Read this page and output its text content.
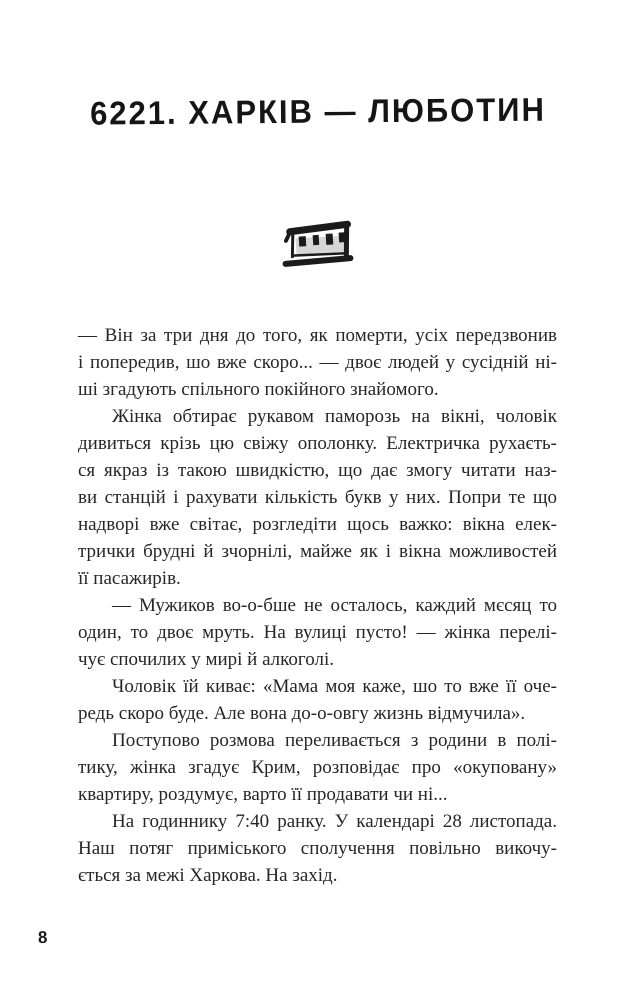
6221. ХАРКІВ — ЛЮБОТИН
— Він за три дня до того, як померти, усіх передзвонив
і попередив, шо вже скоро... — двоє людей у сусідній ні-
ші згадують спільного покійного знайомого.
Жінка обтирає рукавом паморозь на вікні, чоловік
дивиться крізь цю свіжу ополонку. Електричка рухаєть-
ся якраз із такою швидкістю, що дає змогу читати наз-
ви станцій і рахувати кількість букв у них. Попри те що
надворі вже світає, розгледіти щось важко: вікна елек-
трички брудні й зчорнілі, майже як і вікна можливостей
її пасажирів.
— Мужиков во-о-бше не осталось, каждий мєсяц то
один, то двоє мруть. На вулиці пусто! — жінка перелі-
чує спочилих у мирі й алкоголі.
Чоловік їй киває: «Мама моя каже, шо то вже її оче-
редь скоро буде. Але вона до-о-овгу жизнь відмучила».
Поступово розмова переливається з родини в полі-
тику, жінка згадує Крим, розповідає про «окуповану»
квартиру, роздумує, варто її продавати чи ні...
На годиннику 7:40 ранку. У календарі 28 листопада.
Наш потяг приміського сполучення повільно викочу-
ється за межі Харкова. На захід.
8
